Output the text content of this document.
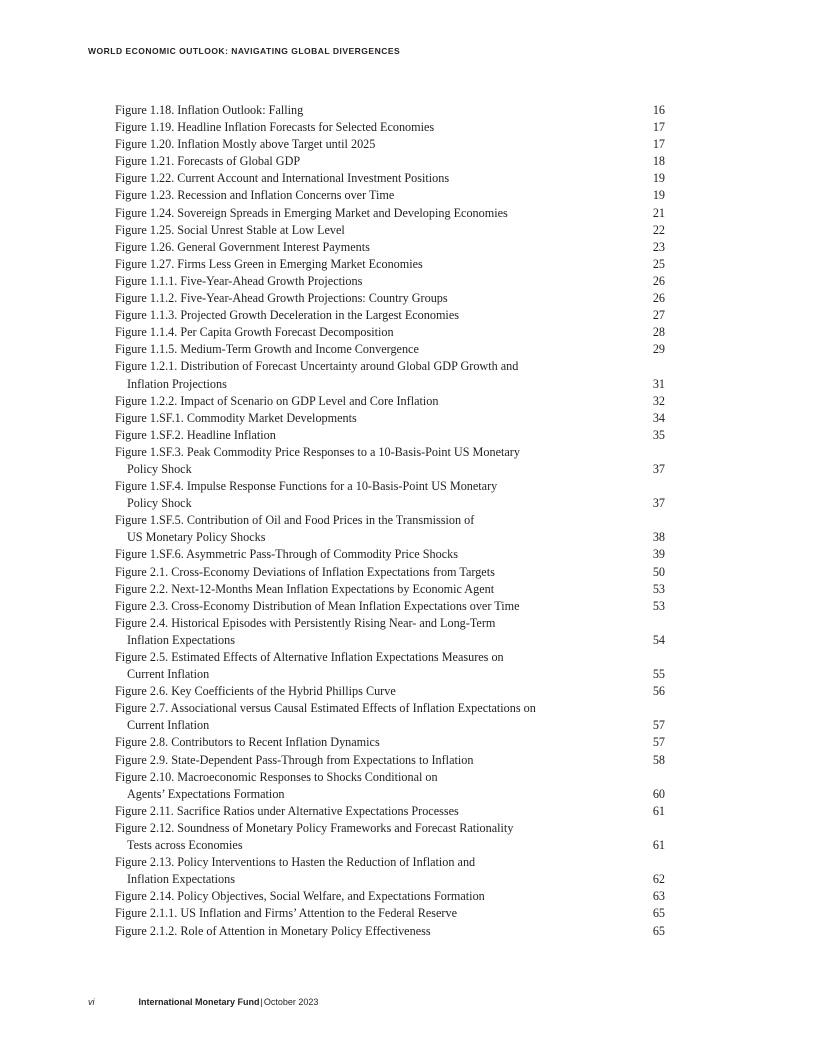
WORLD ECONOMIC OUTLOOK: NAVIGATING GLOBAL DIVERGENCES
Figure 1.18. Inflation Outlook: Falling	16
Figure 1.19. Headline Inflation Forecasts for Selected Economies	17
Figure 1.20. Inflation Mostly above Target until 2025	17
Figure 1.21. Forecasts of Global GDP	18
Figure 1.22. Current Account and International Investment Positions	19
Figure 1.23. Recession and Inflation Concerns over Time	19
Figure 1.24. Sovereign Spreads in Emerging Market and Developing Economies	21
Figure 1.25. Social Unrest Stable at Low Level	22
Figure 1.26. General Government Interest Payments	23
Figure 1.27. Firms Less Green in Emerging Market Economies	25
Figure 1.1.1. Five-Year-Ahead Growth Projections	26
Figure 1.1.2. Five-Year-Ahead Growth Projections: Country Groups	26
Figure 1.1.3. Projected Growth Deceleration in the Largest Economies	27
Figure 1.1.4. Per Capita Growth Forecast Decomposition	28
Figure 1.1.5. Medium-Term Growth and Income Convergence	29
Figure 1.2.1. Distribution of Forecast Uncertainty around Global GDP Growth and
Inflation Projections	31
Figure 1.2.2. Impact of Scenario on GDP Level and Core Inflation	32
Figure 1.SF.1. Commodity Market Developments	34
Figure 1.SF.2. Headline Inflation	35
Figure 1.SF.3. Peak Commodity Price Responses to a 10-Basis-Point US Monetary
Policy Shock	37
Figure 1.SF.4. Impulse Response Functions for a 10-Basis-Point US Monetary
Policy Shock	37
Figure 1.SF.5. Contribution of Oil and Food Prices in the Transmission of
US Monetary Policy Shocks	38
Figure 1.SF.6. Asymmetric Pass-Through of Commodity Price Shocks	39
Figure 2.1. Cross-Economy Deviations of Inflation Expectations from Targets	50
Figure 2.2. Next-12-Months Mean Inflation Expectations by Economic Agent	53
Figure 2.3. Cross-Economy Distribution of Mean Inflation Expectations over Time	53
Figure 2.4. Historical Episodes with Persistently Rising Near- and Long-Term
Inflation Expectations	54
Figure 2.5. Estimated Effects of Alternative Inflation Expectations Measures on
Current Inflation	55
Figure 2.6. Key Coefficients of the Hybrid Phillips Curve	56
Figure 2.7. Associational versus Causal Estimated Effects of Inflation Expectations on
Current Inflation	57
Figure 2.8. Contributors to Recent Inflation Dynamics	57
Figure 2.9. State-Dependent Pass-Through from Expectations to Inflation	58
Figure 2.10. Macroeconomic Responses to Shocks Conditional on
Agents’ Expectations Formation	60
Figure 2.11. Sacrifice Ratios under Alternative Expectations Processes	61
Figure 2.12. Soundness of Monetary Policy Frameworks and Forecast Rationality
Tests across Economies	61
Figure 2.13. Policy Interventions to Hasten the Reduction of Inflation and
Inflation Expectations	62
Figure 2.14. Policy Objectives, Social Welfare, and Expectations Formation	63
Figure 2.1.1. US Inflation and Firms’ Attention to the Federal Reserve	65
Figure 2.1.2. Role of Attention in Monetary Policy Effectiveness	65
vi	International Monetary Fund|October 2023
